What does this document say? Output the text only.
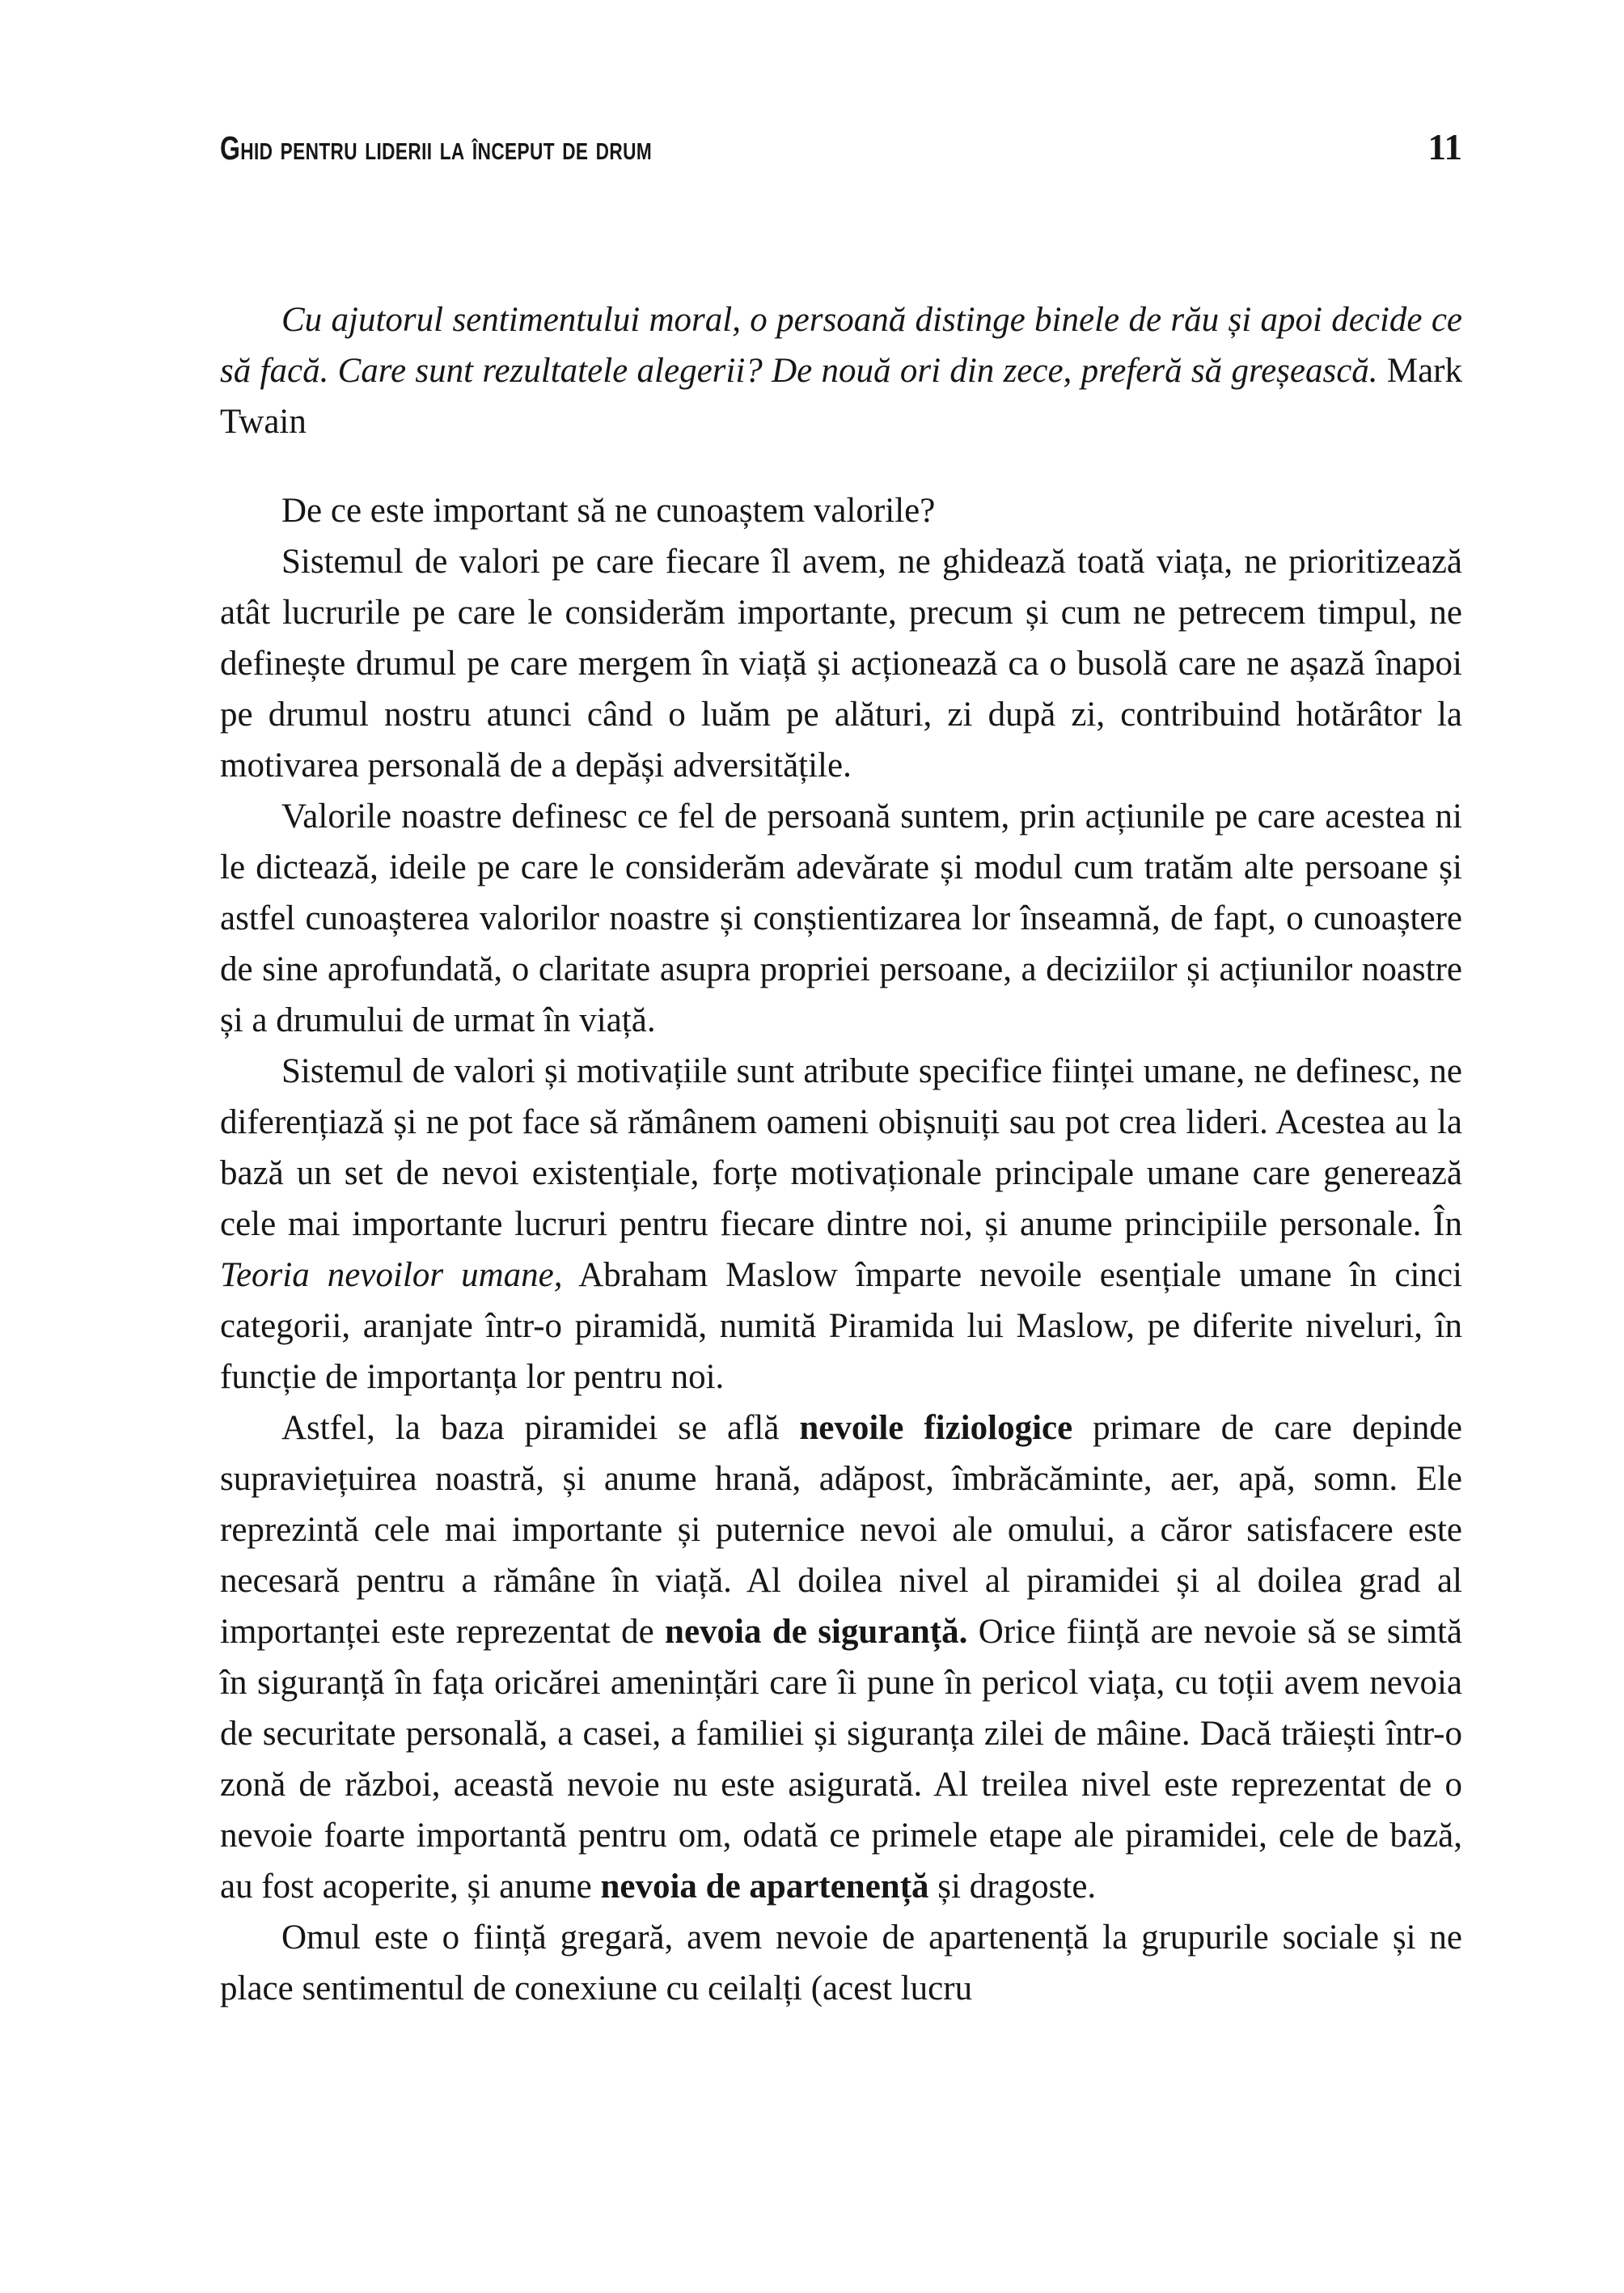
Ghid pentru liderii la început de drum	11
Cu ajutorul sentimentului moral, o persoană distinge binele de rău și apoi decide ce să facă. Care sunt rezultatele alegerii? De nouă ori din zece, preferă să greșească. Mark Twain

De ce este important să ne cunoaștem valorile?

Sistemul de valori pe care fiecare îl avem, ne ghidează toată viața, ne prioritizează atât lucrurile pe care le considerăm importante, precum și cum ne petrecem timpul, ne definește drumul pe care mergem în viață și acționează ca o busolă care ne așază înapoi pe drumul nostru atunci când o luăm pe alături, zi după zi, contribuind hotărâtor la motivarea personală de a depăși adversitățile.

Valorile noastre definesc ce fel de persoană suntem, prin acțiunile pe care acestea ni le dictează, ideile pe care le considerăm adevărate și modul cum tratăm alte persoane și astfel cunoașterea valorilor noastre și conștientizarea lor înseamnă, de fapt, o cunoaștere de sine aprofundată, o claritate asupra propriei persoane, a deciziilor și acțiunilor noastre și a drumului de urmat în viață.

Sistemul de valori și motivațiile sunt atribute specifice ființei umane, ne definesc, ne diferențiază și ne pot face să rămânem oameni obișnuiți sau pot crea lideri. Acestea au la bază un set de nevoi existențiale, forțe motivaționale principale umane care generează cele mai importante lucruri pentru fiecare dintre noi, și anume principiile personale. În Teoria nevoilor umane, Abraham Maslow împarte nevoile esențiale umane în cinci categorii, aranjate într-o piramidă, numită Piramida lui Maslow, pe diferite niveluri, în funcție de importanța lor pentru noi.

Astfel, la baza piramidei se află nevoile fiziologice primare de care depinde supraviețuirea noastră, și anume hrană, adăpost, îmbrăcăminte, aer, apă, somn. Ele reprezintă cele mai importante și puternice nevoi ale omului, a căror satisfacere este necesară pentru a rămâne în viață. Al doilea nivel al piramidei și al doilea grad al importanței este reprezentat de nevoia de siguranță. Orice ființă are nevoie să se simtă în siguranță în fața oricărei amenințări care îi pune în pericol viața, cu toții avem nevoia de securitate personală, a casei, a familiei și siguranța zilei de mâine. Dacă trăiești într-o zonă de război, această nevoie nu este asigurată. Al treilea nivel este reprezentat de o nevoie foarte importantă pentru om, odată ce primele etape ale piramidei, cele de bază, au fost acoperite, și anume nevoia de apartenență și dragoste.

Omul este o ființă gregară, avem nevoie de apartenență la grupurile sociale și ne place sentimentul de conexiune cu ceilalți (acest lucru
